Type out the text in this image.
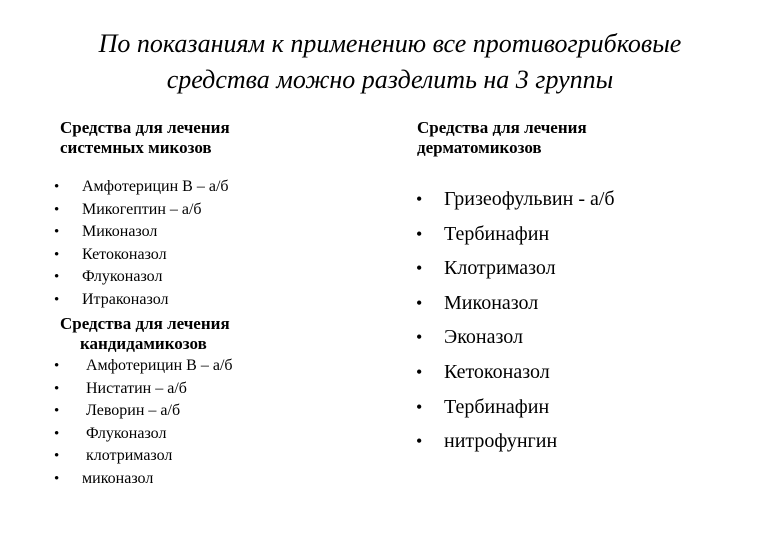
По показаниям к применению все противогрибковые
средства можно разделить на 3 группы
Средства для лечения
системных микозов
• Амфотерицин В – а/б
• Микогептин – а/б
• Миконазол
• Кетоконазол
• Флуконазол
• Итраконазол
Средства для лечения
кандидамикозов
• Амфотерицин В – а/б
• Нистатин – а/б
• Леворин – а/б
• Флуконазол
• клотримазол
• миконазол
Средства для лечения
дерматомикозов
• Гризеофульвин - а/б
• Тербинафин
• Клотримазол
• Миконазол
• Эконазол
• Кетоконазол
• Тербинафин
• нитрофунгин
